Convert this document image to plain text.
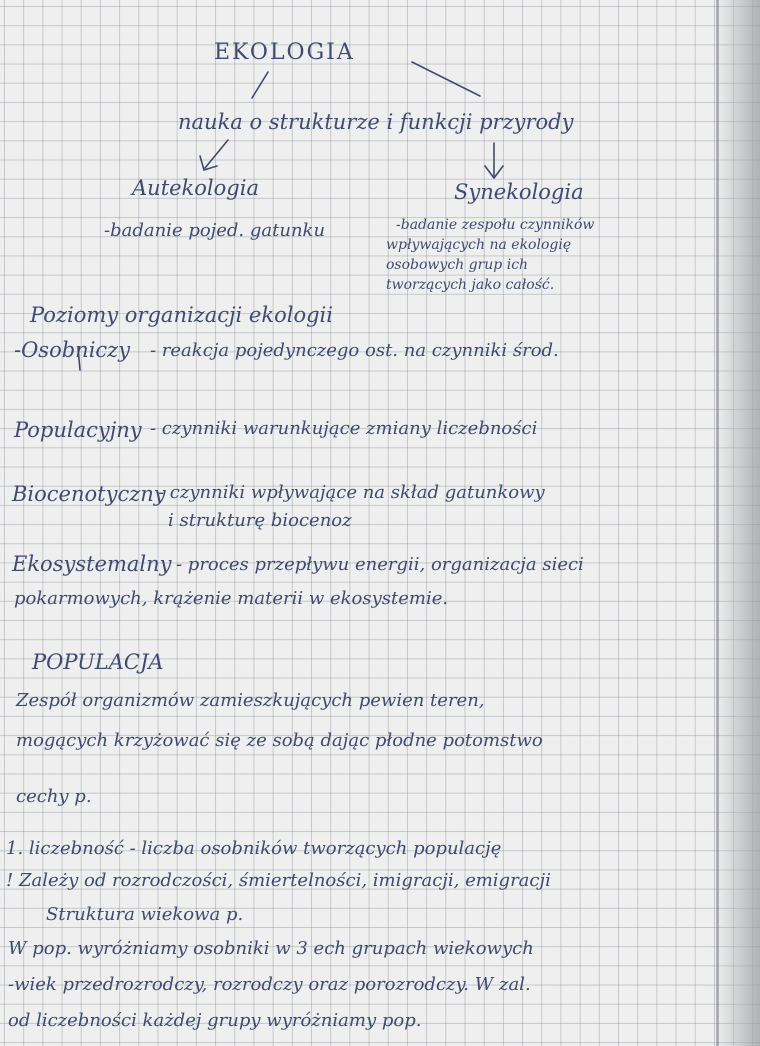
EKOLOGIA
nauka o strukturze i funkcji przyrody
Autekologia
-badanie pojed. gatunku
Synekologia
-badanie zespołu czynników
wpływających na ekologię
osobowych grup ich
tworzących jako całość.
Poziomy organizacji ekologii
-Osobniczy - reakcja pojedynczego ost. na czynniki środ.
Populacyjny - czynniki warunkujące zmiany liczebności
Biocenotyczny
- czynniki wpływające na skład gatunkowy
i strukturę biocenoz
Ekosystemalny - proces przepływu energii, organizacja sieci
pokarmowych, krążenie materii w ekosystemie.
POPULACJA
Zespół organizmów zamieszkujących pewien teren,
mogących krzyżować się ze sobą dając płodne potomstwo
cechy p.
1. liczebność - liczba osobników tworzących populację
! Zależy od rozrodczości, śmiertelności, imigracji, emigracji
Struktura wiekowa p.
W pop. wyróżniamy osobniki w 3 ech grupach wiekowych
-wiek przedrozrodczy, rozrodczy oraz porozrodczy. W zal.
od liczebności każdej grupy wyróżniamy pop.
